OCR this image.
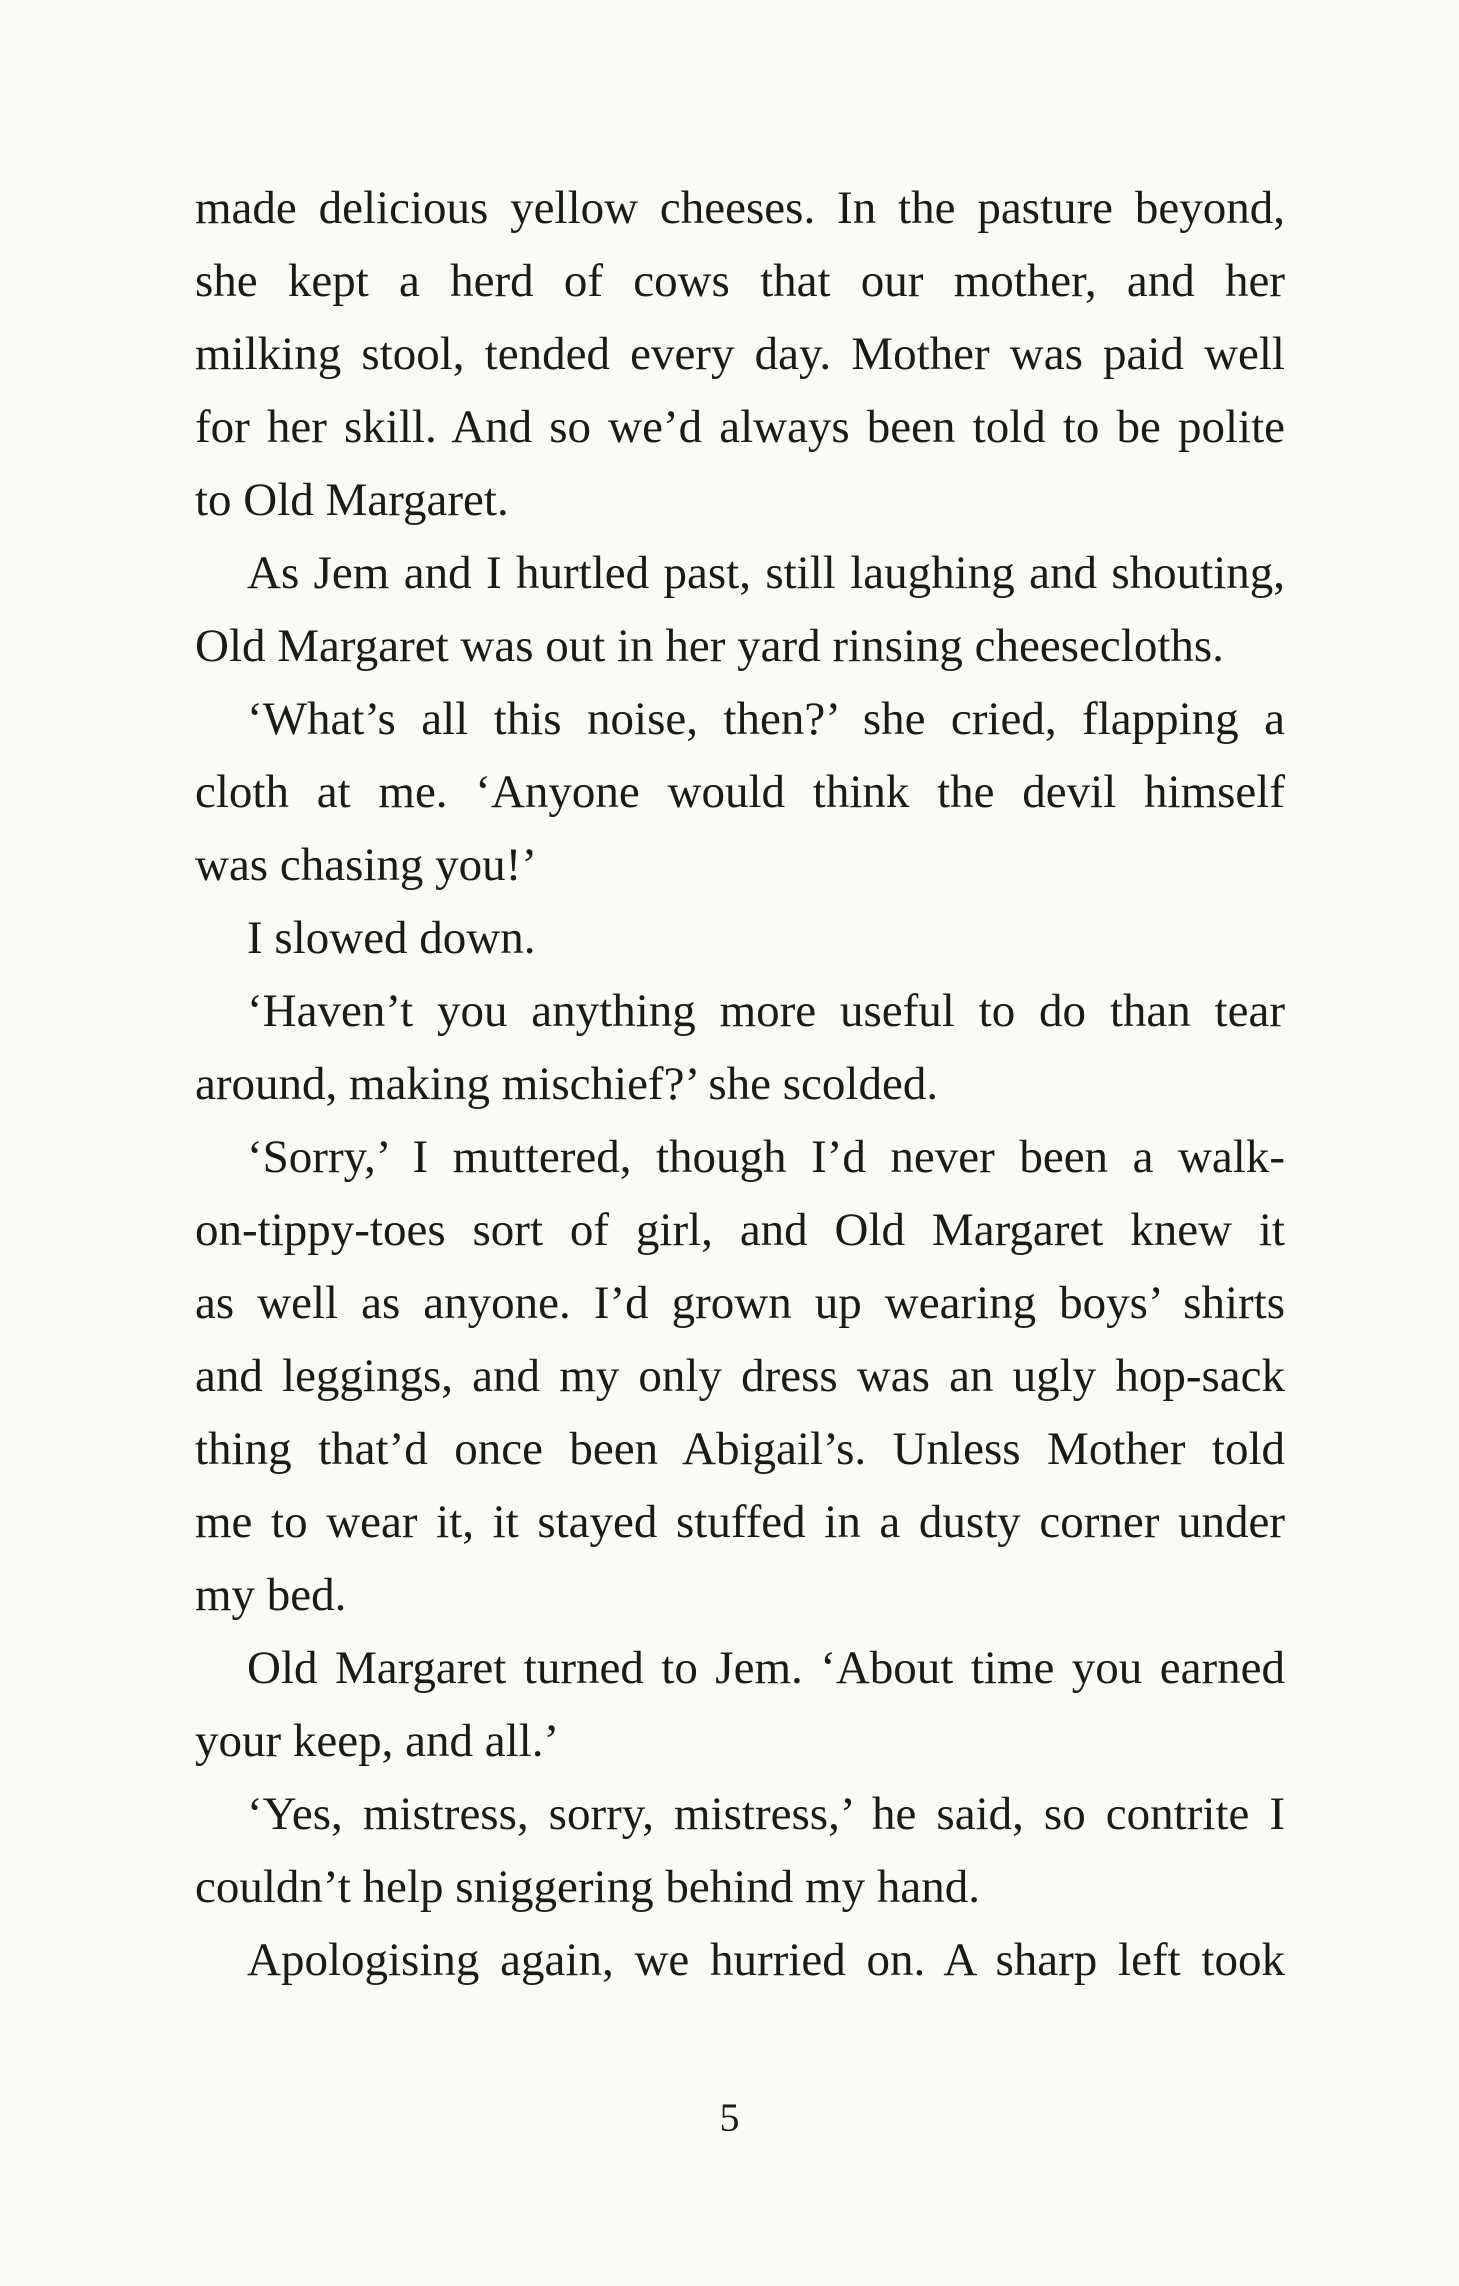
made delicious yellow cheeses. In the pasture beyond,
she kept a herd of cows that our mother, and her
milking stool, tended every day. Mother was paid well
for her skill. And so we’d always been told to be polite
to Old Margaret.
As Jem and I hurtled past, still laughing and shouting,
Old Margaret was out in her yard rinsing cheesecloths.
‘What’s all this noise, then?’ she cried, flapping a
cloth at me. ‘Anyone would think the devil himself
was chasing you!’
I slowed down.
‘Haven’t you anything more useful to do than tear
around, making mischief?’ she scolded.
‘Sorry,’ I muttered, though I’d never been a walk-
on-tippy-toes sort of girl, and Old Margaret knew it
as well as anyone. I’d grown up wearing boys’ shirts
and leggings, and my only dress was an ugly hop-sack
thing that’d once been Abigail’s. Unless Mother told
me to wear it, it stayed stuffed in a dusty corner under
my bed.
Old Margaret turned to Jem. ‘About time you earned
your keep, and all.’
‘Yes, mistress, sorry, mistress,’ he said, so contrite I
couldn’t help sniggering behind my hand.
Apologising again, we hurried on. A sharp left took
5
